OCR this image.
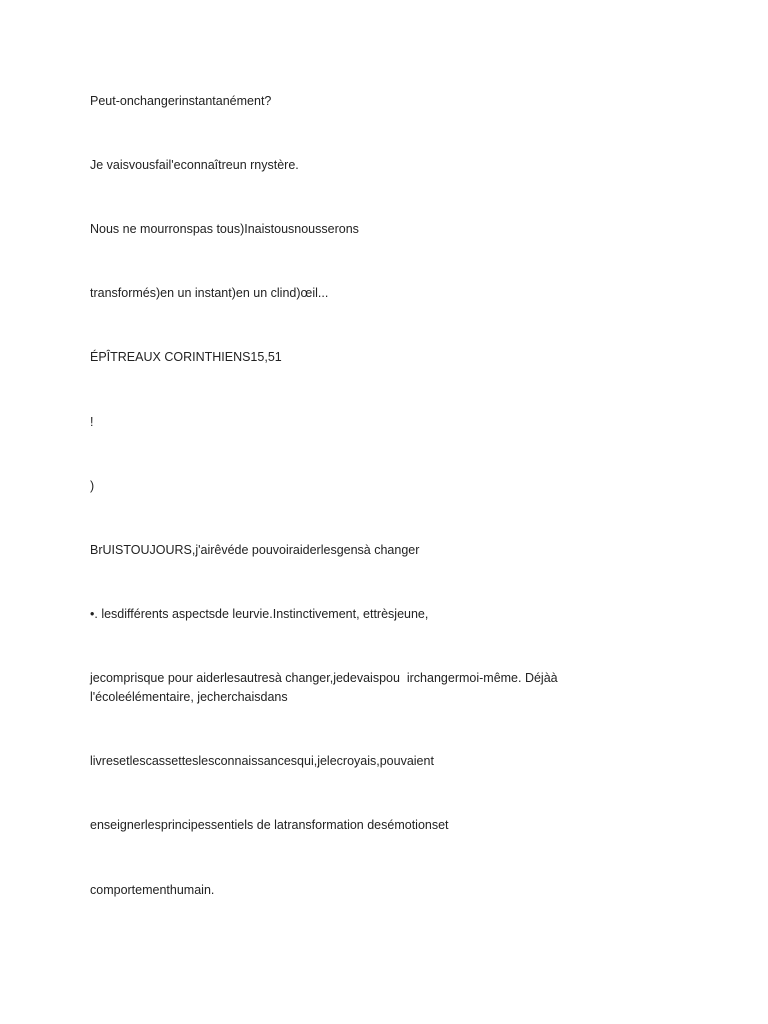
Peut-onchangerinstantanément?

Je vaisvousfail'econnaîtreun rnystère.

Nous ne mourronspas tous)Inaistousnousserons

transformés)en un instant)en un clind)œil...

ÉPÎTREAUX CORINTHIENS15,51

!

)

BrUISTOUJOURS,j'airêvéde pouvoiraiderlesgensà changer

•. lesdifférents aspectsde leurvie.Instinctivement, ettrèsjeune,

jecomprisque pour aiderlesautresà changer,jedevaispou  irchangermoi-même. Déjàà l'écoleélémentaire, jecherchaisdans

livresetlescassetteslesconnaissancesqui,jelecroyais,pouvaient

enseignerlesprincipessentiels de latransformation desémotionset

comportementhumain.
